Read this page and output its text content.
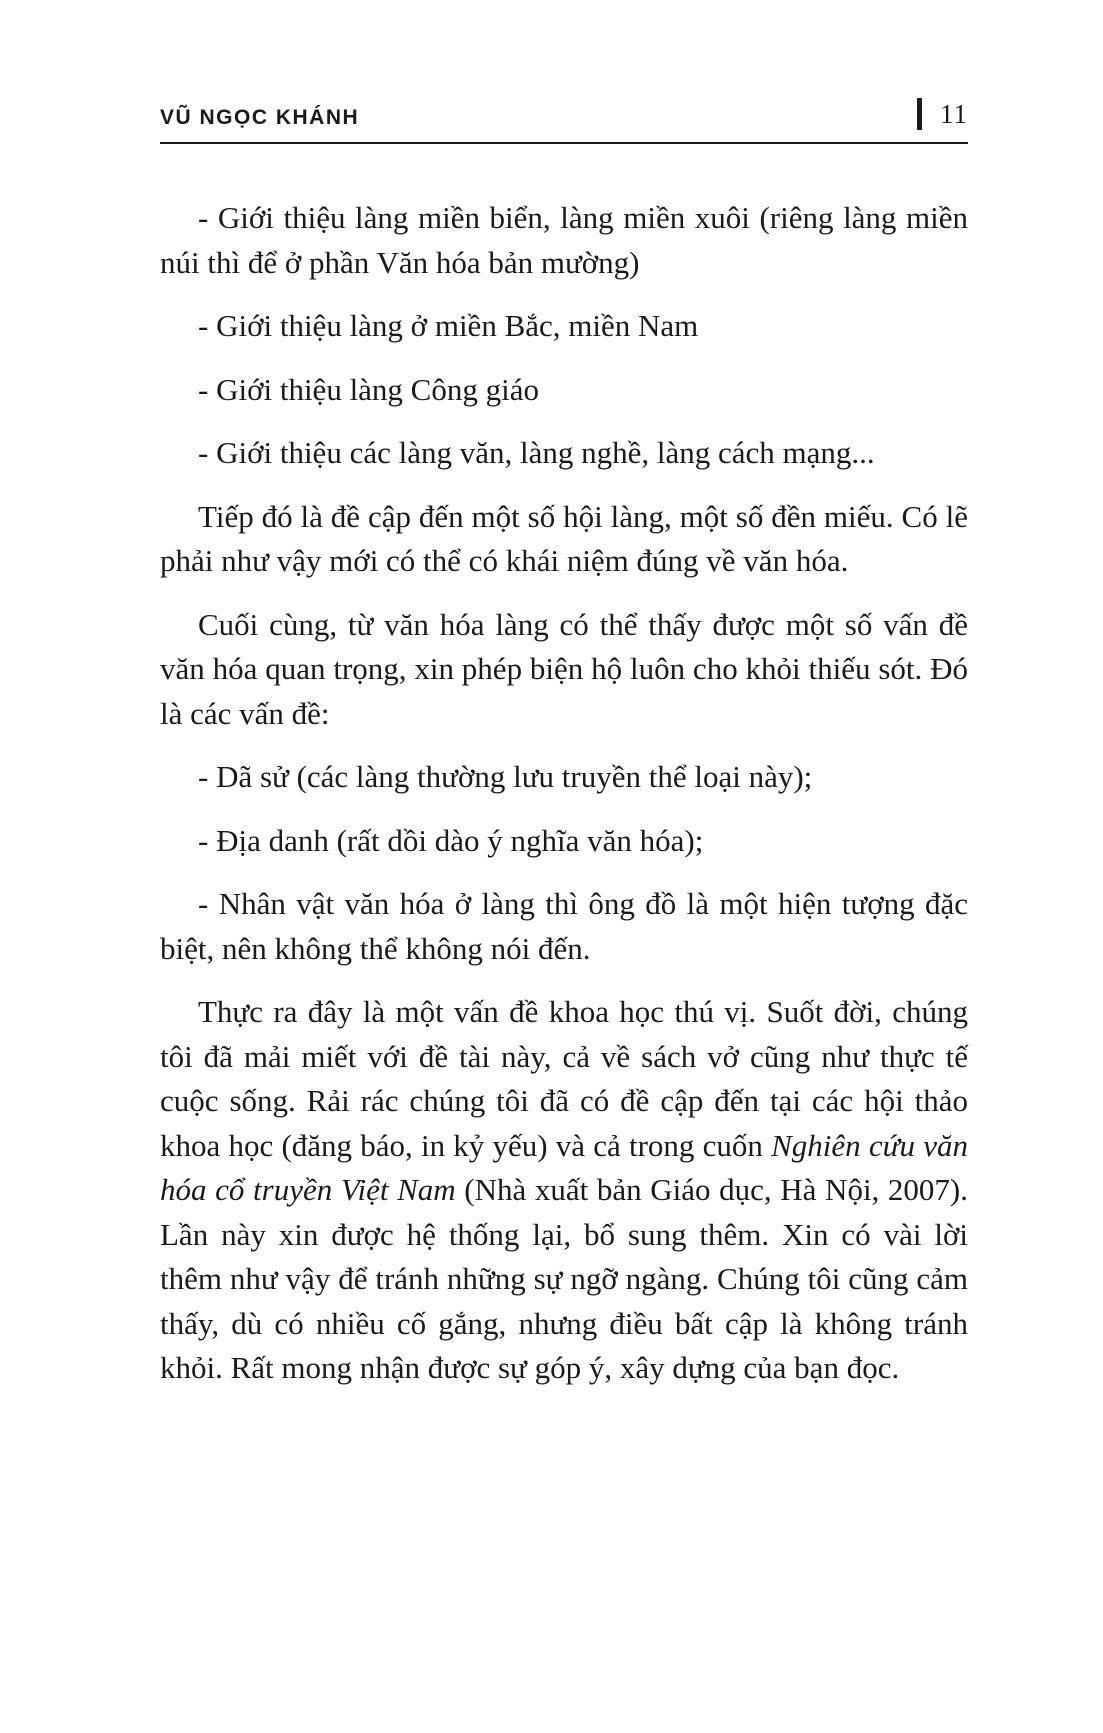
VŨ NGỌC KHÁNH	11

- Giới thiệu làng miền biển, làng miền xuôi (riêng làng miền núi thì để ở phần Văn hóa bản mường)

- Giới thiệu làng ở miền Bắc, miền Nam

- Giới thiệu làng Công giáo

- Giới thiệu các làng văn, làng nghề, làng cách mạng...

Tiếp đó là đề cập đến một số hội làng, một số đền miếu. Có lẽ phải như vậy mới có thể có khái niệm đúng về văn hóa.

Cuối cùng, từ văn hóa làng có thể thấy được một số vấn đề văn hóa quan trọng, xin phép biện hộ luôn cho khỏi thiếu sót. Đó là các vấn đề:

- Dã sử (các làng thường lưu truyền thể loại này);

- Địa danh (rất dồi dào ý nghĩa văn hóa);

- Nhân vật văn hóa ở làng thì ông đồ là một hiện tượng đặc biệt, nên không thể không nói đến.

Thực ra đây là một vấn đề khoa học thú vị. Suốt đời, chúng tôi đã mải miết với đề tài này, cả về sách vở cũng như thực tế cuộc sống. Rải rác chúng tôi đã có đề cập đến tại các hội thảo khoa học (đăng báo, in kỷ yếu) và cả trong cuốn Nghiên cứu văn hóa cổ truyền Việt Nam (Nhà xuất bản Giáo dục, Hà Nội, 2007). Lần này xin được hệ thống lại, bổ sung thêm. Xin có vài lời thêm như vậy để tránh những sự ngỡ ngàng. Chúng tôi cũng cảm thấy, dù có nhiều cố gắng, nhưng điều bất cập là không tránh khỏi. Rất mong nhận được sự góp ý, xây dựng của bạn đọc.
